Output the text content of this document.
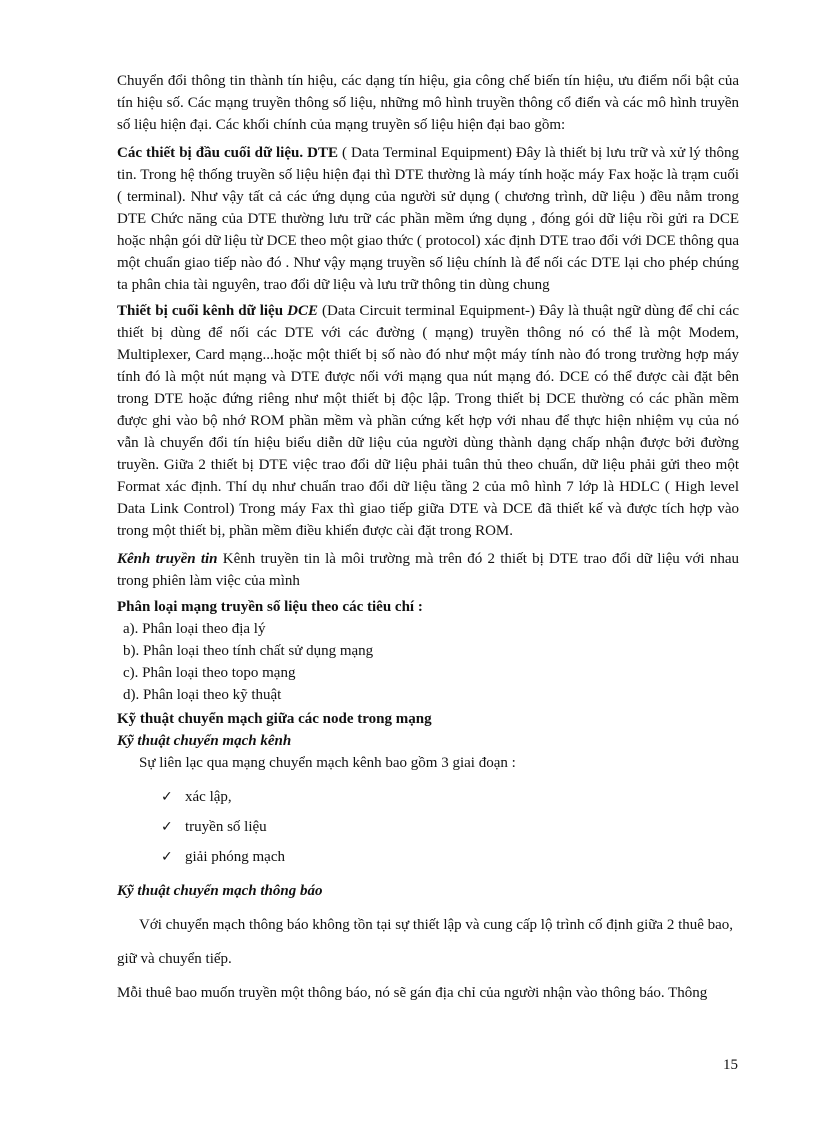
Chuyển đổi thông tin thành tín hiệu, các dạng tín hiệu, gia công chế biến tín hiệu, ưu điểm nổi bật của tín hiệu số. Các mạng truyền thông số liệu, những mô hình truyền thông cổ điển và các mô hình truyền số liệu hiện đại. Các khối chính của mạng truyền số liệu hiện đại bao gồm:

Các thiết bị đầu cuối dữ liệu. DTE ( Data Terminal Equipment) Đây là thiết bị lưu trữ và xử lý thông tin. Trong hệ thống truyền số liệu hiện đại thì DTE thường là máy tính hoặc máy Fax hoặc là trạm cuối ( terminal). Như vậy tất cả các ứng dụng của người sử dụng ( chương trình, dữ liệu ) đều nằm trong DTE Chức năng của DTE thường lưu trữ các phần mềm ứng dụng , đóng gói dữ liệu rồi gửi ra DCE hoặc nhận gói dữ liệu từ DCE theo một giao thức ( protocol) xác định DTE trao đổi với DCE thông qua một chuẩn giao tiếp nào đó . Như vậy mạng truyền số liệu chính là để nối các DTE lại cho phép chúng ta phân chia tài nguyên, trao đổi dữ liệu và lưu trữ thông tin dùng chung

Thiết bị cuối kênh dữ liệu DCE (Data Circuit terminal Equipment-) Đây là thuật ngữ dùng để chỉ các thiết bị dùng để nối các DTE với các đường ( mạng) truyền thông nó có thể là một Modem, Multiplexer, Card mạng...hoặc một thiết bị số nào đó như một máy tính nào đó trong trường hợp máy tính đó là một nút mạng và DTE được nối với mạng qua nút mạng đó. DCE có thể được cài đặt bên trong DTE hoặc đứng riêng như một thiết bị độc lập. Trong thiết bị DCE thường có các phần mềm được ghi vào bộ nhớ ROM phần mềm và phần cứng kết hợp với nhau để thực hiện nhiệm vụ của nó vẫn là chuyển đổi tín hiệu biểu diễn dữ liệu của người dùng thành dạng chấp nhận được bởi đường truyền. Giữa 2 thiết bị DTE việc trao đổi dữ liệu phải tuân thủ theo chuẩn, dữ liệu phải gửi theo một Format xác định. Thí dụ như chuẩn trao đổi dữ liệu tầng 2 của mô hình 7 lớp là HDLC ( High level Data Link Control) Trong máy Fax thì giao tiếp giữa DTE và DCE đã thiết kế và được tích hợp vào trong một thiết bị, phần mềm điều khiển được cài đặt trong ROM.

Kênh truyền tin Kênh truyền tin là môi trường mà trên đó 2 thiết bị DTE trao đổi dữ liệu với nhau trong phiên làm việc của mình

Phân loại mạng truyền số liệu theo các tiêu chí :

a). Phân loại theo địa lý
b). Phân loại theo tính chất sử dụng mạng
c). Phân loại theo topo mạng
d). Phân loại theo kỹ thuật

Kỹ thuật chuyển mạch giữa các node trong mạng

Kỹ thuật chuyển mạch kênh

Sự liên lạc qua mạng chuyển mạch kênh bao gồm 3 giai đoạn :

✓ xác lập,
✓ truyền số liệu
✓ giải phóng mạch

Kỹ thuật chuyển mạch thông báo

Với chuyển mạch thông báo không tồn tại sự thiết lập và cung cấp lộ trình cố định giữa 2 thuê bao,

giữ và chuyển tiếp.

Mỗi thuê bao muốn truyền một thông báo, nó sẽ gán địa chỉ của người nhận vào thông báo. Thông

15
